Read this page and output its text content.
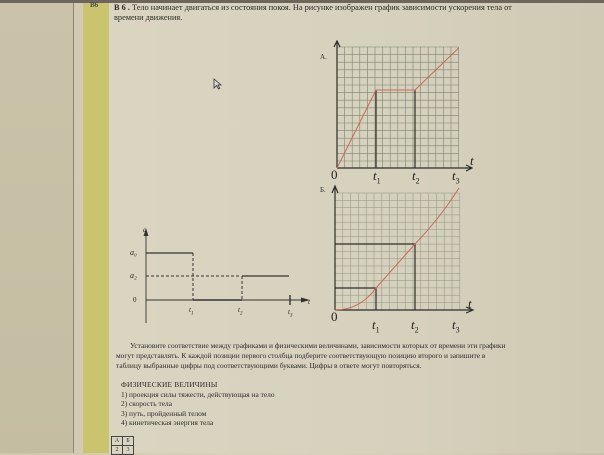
B6 В 6 . Тело начинает двигаться из состояния покоя. На рисунке изображен график зависимости ускорения тела от времени движения.
А.
0	$t_1$ $t_2$ $t_3$
t
Б.
0
$t_1$ $t_2$	$t_3$
t
a
a₀
a₂
0
$t_1$	$t_2$	$t_3$
t
Установите соответствие между графиками и физическими величинами, зависимости которых от времени эти графики могут представлять. К каждой позиции первого столбца подберите соответствующую позицию второго и запишите в таблицу выбранные цифры под соответствующими буквами. Цифры в ответе могут повторяться.
ФИЗИЧЕСКИЕ ВЕЛИЧИНЫ
1) проекция силы тяжести, действующая на тело
2) скорость тела
3) путь, пройденный телом
4) кинетическая энергия тела
А	Б
2	3
